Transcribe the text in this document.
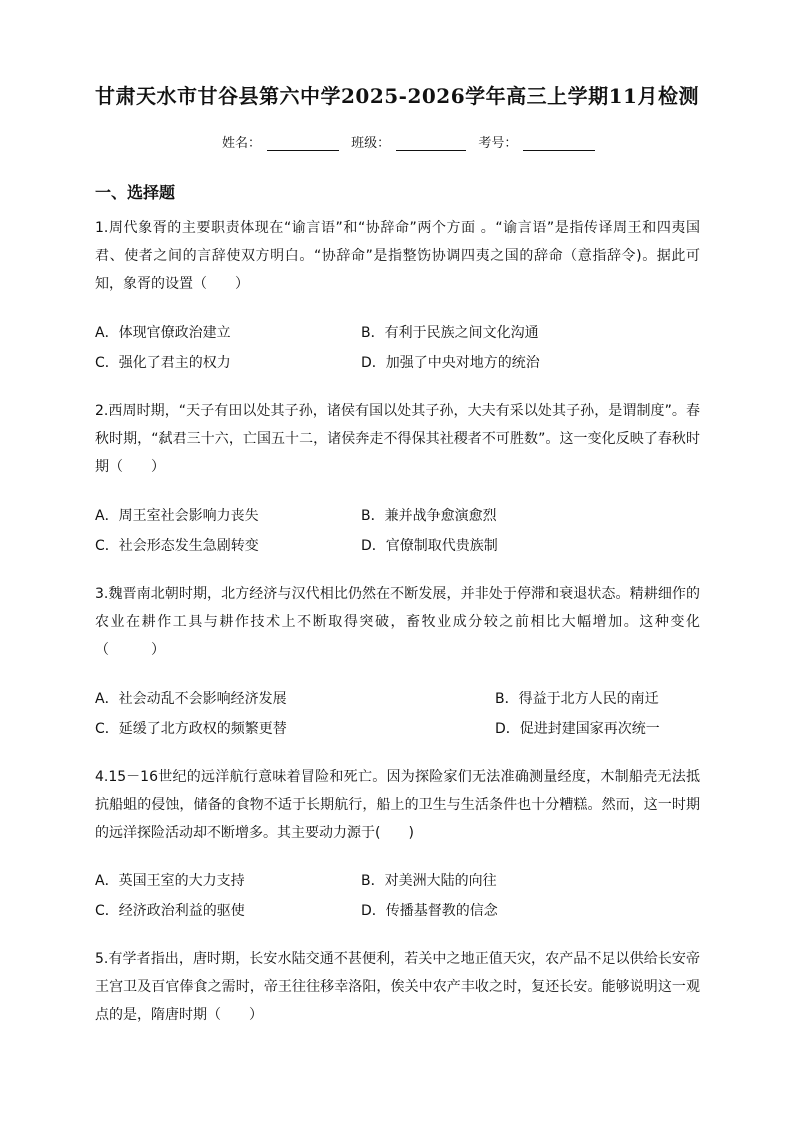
甘肃天水市甘谷县第六中学2025-2026学年高三上学期11月检测
姓名：	班级：	考号：
一、选择题
1.周代象胥的主要职责体现在“谕言语”和“协辞命”两个方面 。“谕言语”是指传译周王和四夷国君、使者之间的言辞使双方明白。“协辞命”是指整饬协调四夷之国的辞命（意指辞令)。据此可知，象胥的设置（　　）
A．体现官僚政治建立	B．有利于民族之间文化沟通
C．强化了君主的权力	D．加强了中央对地方的统治
2.西周时期，“天子有田以处其子孙，诸侯有国以处其子孙，大夫有采以处其子孙，是谓制度”。春秋时期，“弑君三十六，亡国五十二，诸侯奔走不得保其社稷者不可胜数”。这一变化反映了春秋时期（　　）
A．周王室社会影响力丧失	B．兼并战争愈演愈烈
C．社会形态发生急剧转变	D．官僚制取代贵族制
3.魏晋南北朝时期，北方经济与汉代相比仍然在不断发展，并非处于停滞和衰退状态。精耕细作的农业在耕作工具与耕作技术上不断取得突破，畜牧业成分较之前相比大幅增加。这种变化（　　　）
A．社会动乱不会影响经济发展	B．得益于北方人民的南迁
C．延缓了北方政权的频繁更替	D．促进封建国家再次统一
4.15－16世纪的远洋航行意味着冒险和死亡。因为探险家们无法准确测量经度，木制船壳无法抵抗船蛆的侵蚀，储备的食物不适于长期航行，船上的卫生与生活条件也十分糟糕。然而，这一时期的远洋探险活动却不断增多。其主要动力源于(　　)
A．英国王室的大力支持	B．对美洲大陆的向往
C．经济政治利益的驱使	D．传播基督教的信念
5.有学者指出，唐时期，长安水陆交通不甚便利，若关中之地正值天灾，农产品不足以供给长安帝王宫卫及百官俸食之需时，帝王往往移幸洛阳，俟关中农产丰收之时，复还长安。能够说明这一观点的是，隋唐时期（　　）
